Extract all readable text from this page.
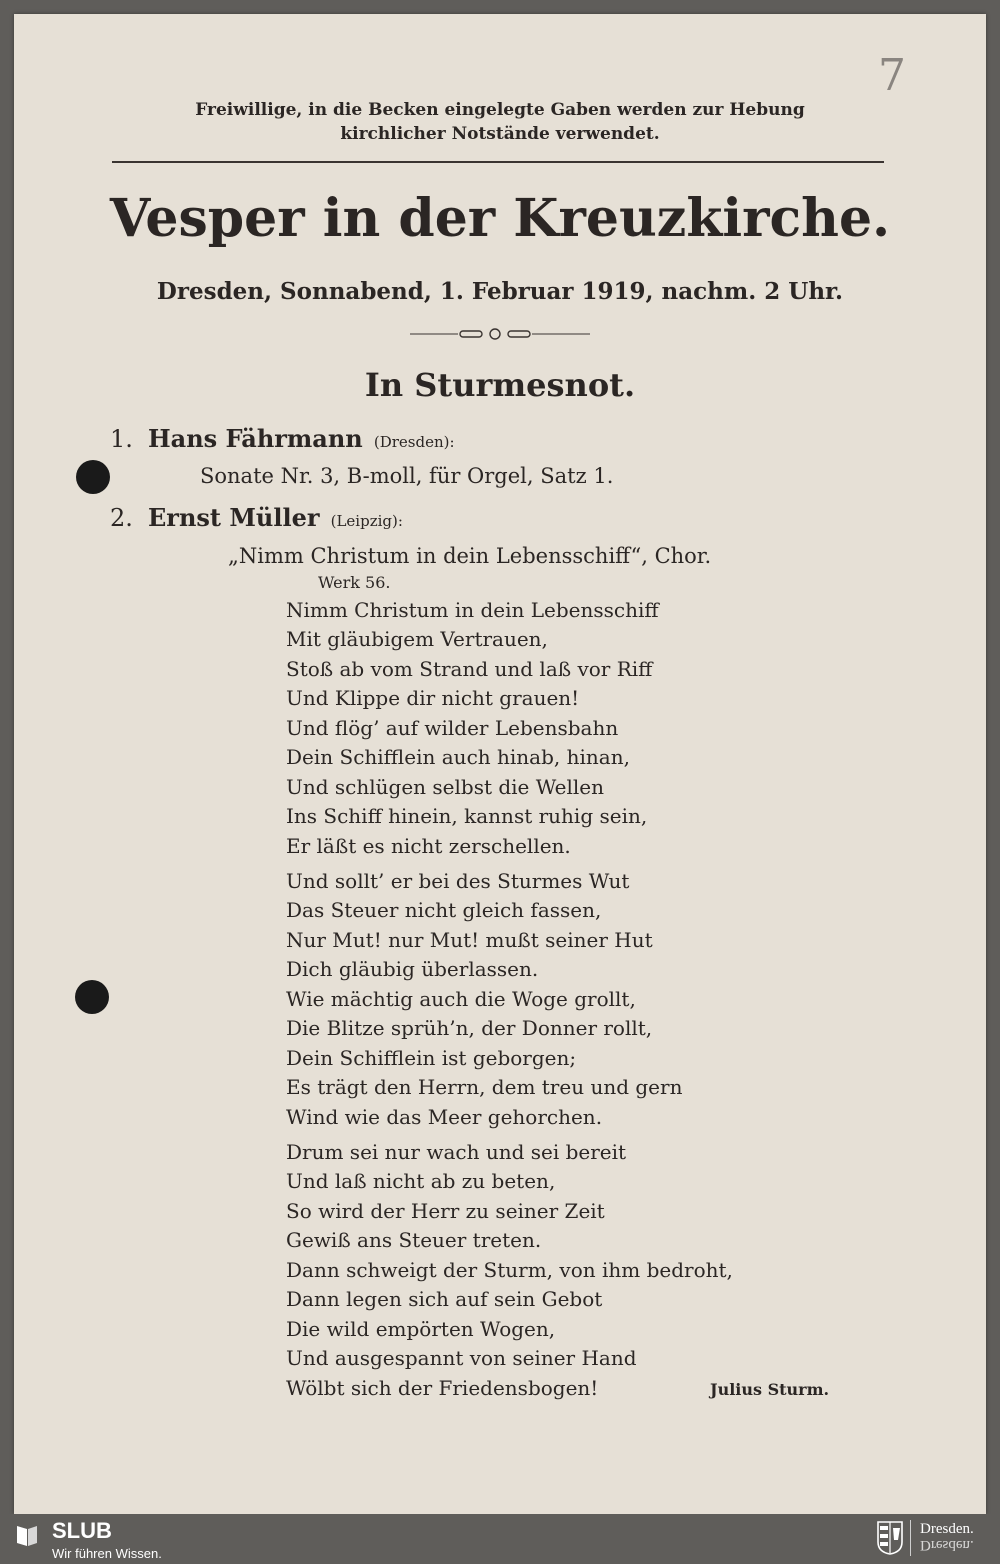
7
Freiwillige, in die Becken eingelegte Gaben werden zur Hebung
kirchlicher Notstände verwendet.
Vesper in der Kreuzkirche.
Dresden, Sonnabend, 1. Februar 1919, nachm. 2 Uhr.
In Sturmesnot.
1. Hans Fährmann (Dresden):
Sonate Nr. 3, B-moll, für Orgel, Satz 1.
2. Ernst Müller (Leipzig):
„Nimm Christum in dein Lebensschiff“, Chor.
Werk 56.
Nimm Christum in dein Lebensschiff
Mit gläubigem Vertrauen,
Stoß ab vom Strand und laß vor Riff
Und Klippe dir nicht grauen!
Und flög’ auf wilder Lebensbahn
Dein Schifflein auch hinab, hinan,
Und schlügen selbst die Wellen
Ins Schiff hinein, kannst ruhig sein,
Er läßt es nicht zerschellen.
Und sollt’ er bei des Sturmes Wut
Das Steuer nicht gleich fassen,
Nur Mut! nur Mut! mußt seiner Hut
Dich gläubig überlassen.
Wie mächtig auch die Woge grollt,
Die Blitze sprüh’n, der Donner rollt,
Dein Schifflein ist geborgen;
Es trägt den Herrn, dem treu und gern
Wind wie das Meer gehorchen.
Drum sei nur wach und sei bereit
Und laß nicht ab zu beten,
So wird der Herr zu seiner Zeit
Gewiß ans Steuer treten.
Dann schweigt der Sturm, von ihm bedroht,
Dann legen sich auf sein Gebot
Die wild empörten Wogen,
Und ausgespannt von seiner Hand
Wölbt sich der Friedensbogen!	Julius Sturm.
SLUB
Wir führen Wissen.
Dresden.
Dresden.
